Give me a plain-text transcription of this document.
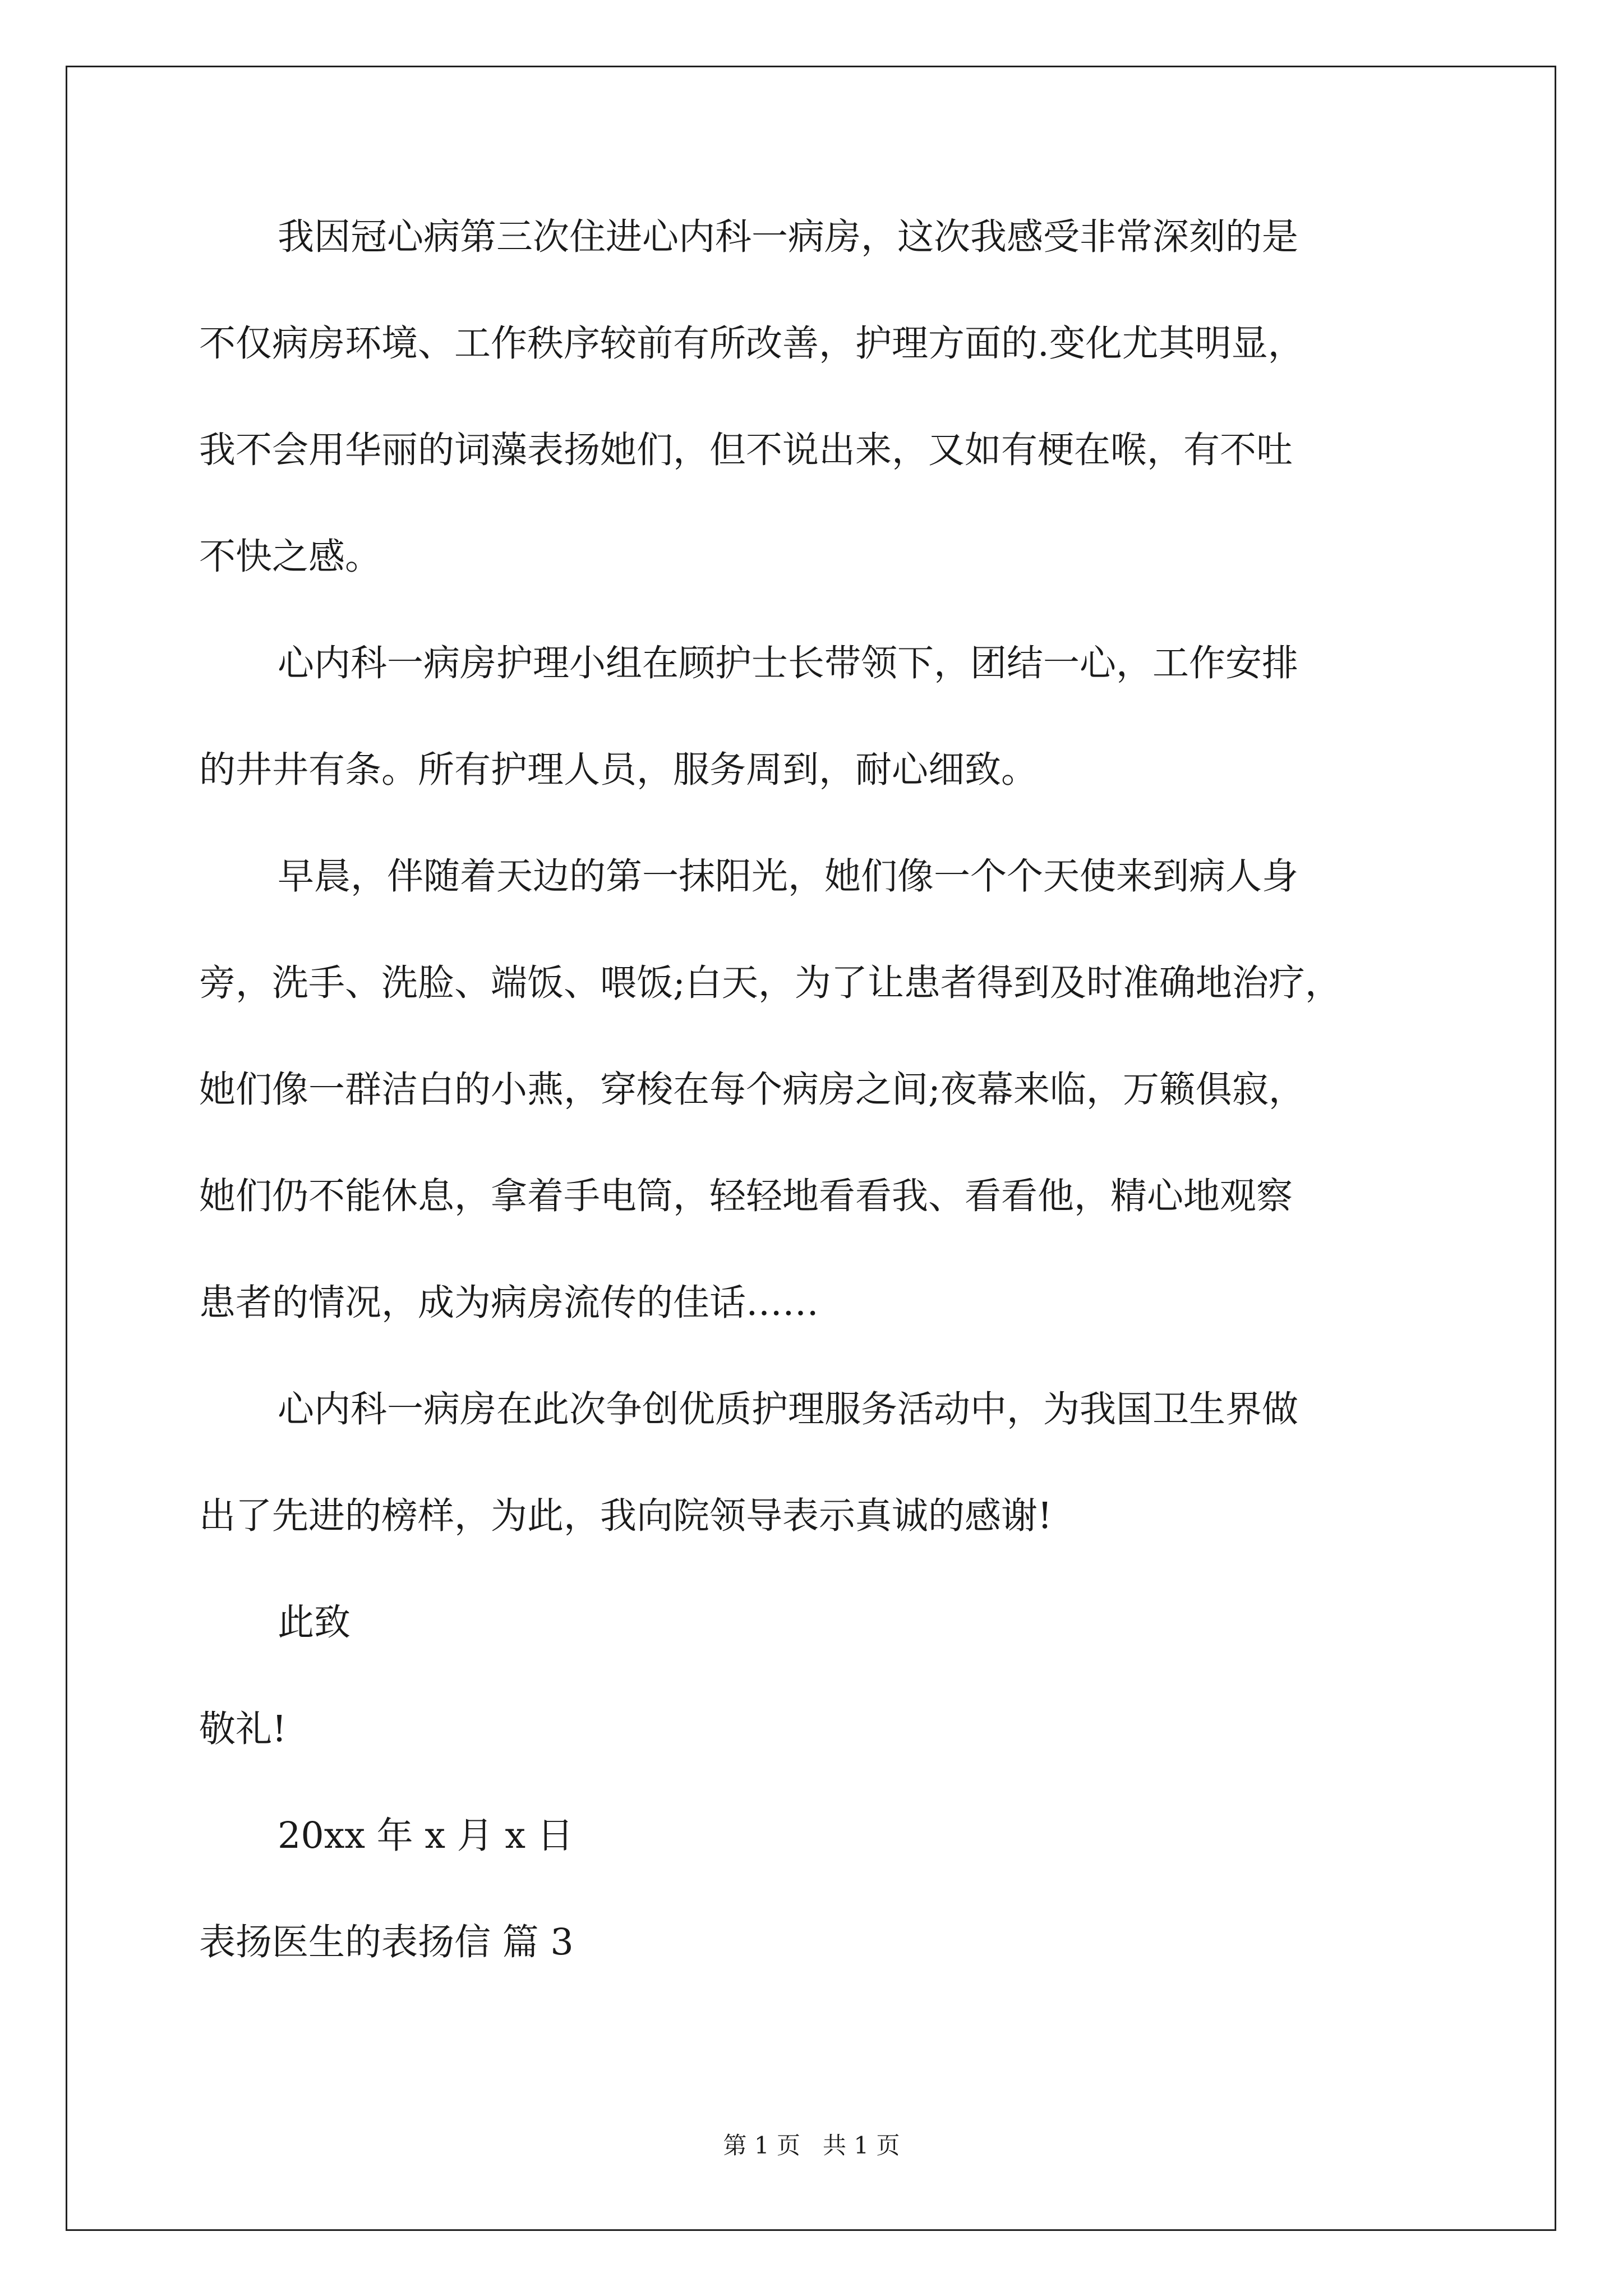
我因冠心病第三次住进心内科一病房，这次我感受非常深刻的是

不仅病房环境、工作秩序较前有所改善，护理方面的.变化尤其明显，

我不会用华丽的词藻表扬她们，但不说出来，又如有梗在喉，有不吐

不快之感。

心内科一病房护理小组在顾护士长带领下，团结一心，工作安排

的井井有条。所有护理人员，服务周到，耐心细致。

早晨，伴随着天边的第一抹阳光，她们像一个个天使来到病人身

旁，洗手、洗脸、端饭、喂饭;白天，为了让患者得到及时准确地治疗，

她们像一群洁白的小燕，穿梭在每个病房之间;夜幕来临，万籁俱寂，

她们仍不能休息，拿着手电筒，轻轻地看看我、看看他，精心地观察

患者的情况，成为病房流传的佳话……

心内科一病房在此次争创优质护理服务活动中，为我国卫生界做

出了先进的榜样，为此，我向院领导表示真诚的感谢!

此致

敬礼!

20xx 年 x 月 x 日

表扬医生的表扬信 篇 3

第 1 页   共 1 页
